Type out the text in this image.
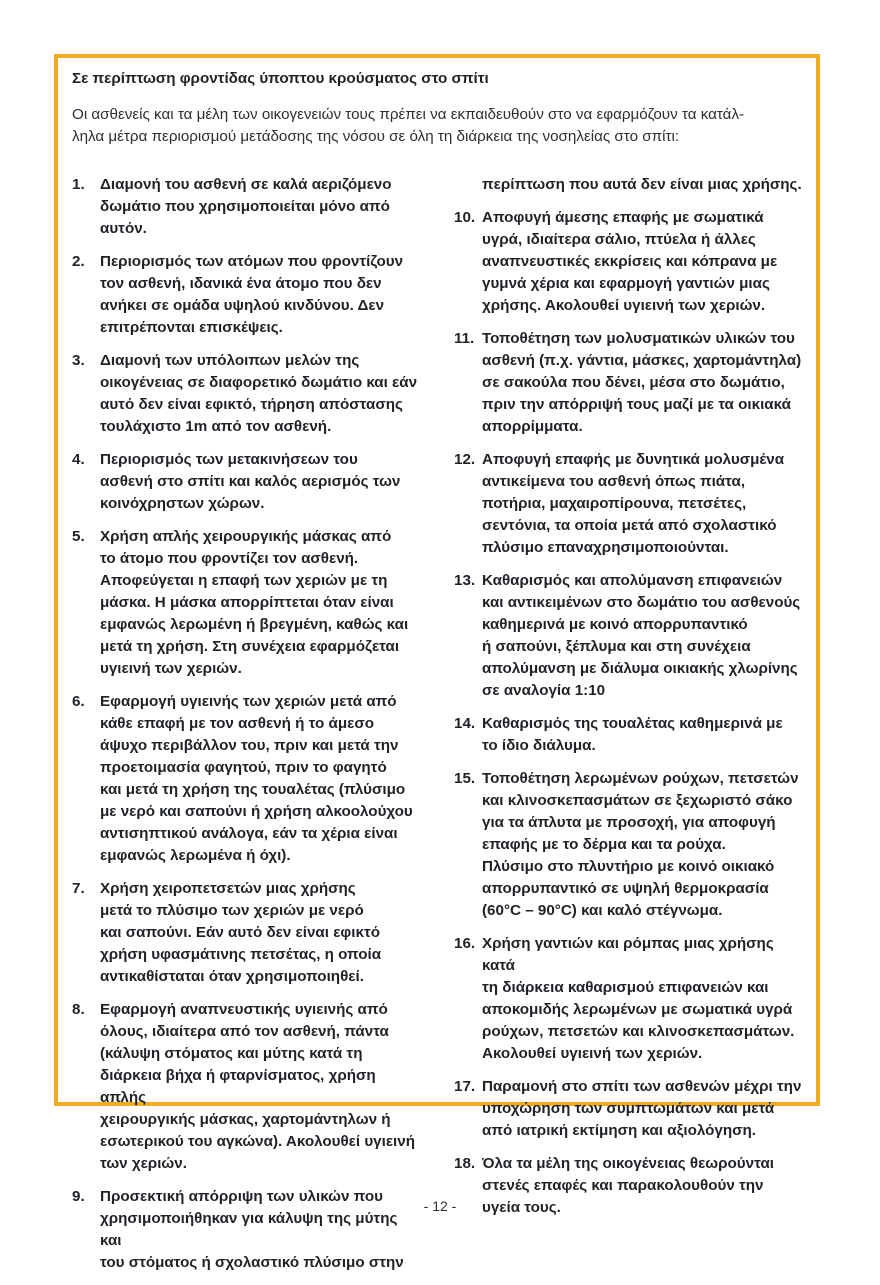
Σε περίπτωση φροντίδας ύποπτου κρούσματος στο σπίτι
Οι ασθενείς και τα μέλη των οικογενειών τους πρέπει να εκπαιδευθούν στο να εφαρμόζουν τα κατάλ-
ληλα μέτρα περιορισμού μετάδοσης της νόσου σε όλη τη διάρκεια της νοσηλείας στο σπίτι:
1.	Διαμονή του ασθενή σε καλά αεριζόμενο
δωμάτιο που χρησιμοποιείται μόνο από
αυτόν.
2.	Περιορισμός των ατόμων που φροντίζουν
τον ασθενή, ιδανικά ένα άτομο που δεν
ανήκει σε ομάδα υψηλού κινδύνου. Δεν
επιτρέπονται επισκέψεις.
3.	Διαμονή των υπόλοιπων μελών της
οικογένειας σε διαφορετικό δωμάτιο και εάν
αυτό δεν είναι εφικτό, τήρηση απόστασης
τουλάχιστο 1m από τον ασθενή.
4.	Περιορισμός των μετακινήσεων του
ασθενή στο σπίτι και καλός αερισμός των
κοινόχρηστων χώρων.
5.	Χρήση απλής χειρουργικής μάσκας από
το άτομο που φροντίζει τον ασθενή.
Αποφεύγεται η επαφή των χεριών με τη
μάσκα. Η μάσκα απορρίπτεται όταν είναι
εμφανώς λερωμένη ή βρεγμένη, καθώς και
μετά τη χρήση. Στη συνέχεια εφαρμόζεται
υγιεινή των χεριών.
6.	Εφαρμογή υγιεινής των χεριών μετά από
κάθε επαφή με τον ασθενή ή το άμεσο
άψυχο περιβάλλον του, πριν και μετά την
προετοιμασία φαγητού, πριν το φαγητό
και μετά τη χρήση της τουαλέτας (πλύσιμο
με νερό και σαπούνι ή χρήση αλκοολούχου
αντισηπτικού ανάλογα, εάν τα χέρια είναι
εμφανώς λερωμένα ή όχι).
7.	Χρήση χειροπετσετών μιας χρήσης
μετά το πλύσιμο των χεριών με νερό
και σαπούνι. Εάν αυτό δεν είναι εφικτό
χρήση υφασμάτινης πετσέτας, η οποία
αντικαθίσταται όταν χρησιμοποιηθεί.
8.	Εφαρμογή αναπνευστικής υγιεινής από
όλους, ιδιαίτερα από τον ασθενή, πάντα
(κάλυψη στόματος και μύτης κατά τη
διάρκεια βήχα ή φταρνίσματος, χρήση απλής
χειρουργικής μάσκας, χαρτομάντηλων ή
εσωτερικού του αγκώνα). Ακολουθεί υγιεινή
των χεριών.
9.	Προσεκτική απόρριψη των υλικών που
χρησιμοποιήθηκαν για κάλυψη της μύτης και
του στόματος ή σχολαστικό πλύσιμο στην
περίπτωση που αυτά δεν είναι μιας χρήσης.
10. Αποφυγή άμεσης επαφής με σωματικά
υγρά, ιδιαίτερα σάλιο, πτύελα ή άλλες
αναπνευστικές εκκρίσεις και κόπρανα με
γυμνά χέρια και εφαρμογή γαντιών μιας
χρήσης. Ακολουθεί υγιεινή των χεριών.
11. Τοποθέτηση των μολυσματικών υλικών του
ασθενή (π.χ. γάντια, μάσκες, χαρτομάντηλα)
σε σακούλα που δένει, μέσα στο δωμάτιο,
πριν την απόρριψή τους μαζί με τα οικιακά
απορρίμματα.
12. Αποφυγή επαφής με δυνητικά μολυσμένα
αντικείμενα του ασθενή όπως πιάτα,
ποτήρια, μαχαιροπίρουνα, πετσέτες,
σεντόνια, τα οποία μετά από σχολαστικό
πλύσιμο επαναχρησιμοποιούνται.
13. Καθαρισμός και απολύμανση επιφανειών
και αντικειμένων στο δωμάτιο του ασθενούς
καθημερινά με κοινό απορρυπαντικό
ή σαπούνι, ξέπλυμα και στη συνέχεια
απολύμανση με διάλυμα οικιακής χλωρίνης
σε αναλογία 1:10
14. Καθαρισμός της τουαλέτας καθημερινά με
το ίδιο διάλυμα.
15. Τοποθέτηση λερωμένων ρούχων, πετσετών
και κλινοσκεπασμάτων σε ξεχωριστό σάκο
για τα άπλυτα με προσοχή, για αποφυγή
επαφής με το δέρμα και τα ρούχα.
Πλύσιμο στο πλυντήριο με κοινό οικιακό
απορρυπαντικό σε υψηλή θερμοκρασία
(60°C – 90°C) και καλό στέγνωμα.
16. Χρήση γαντιών και ρόμπας μιας χρήσης κατά
τη διάρκεια καθαρισμού επιφανειών και
αποκομιδής λερωμένων με σωματικά υγρά
ρούχων, πετσετών και κλινοσκεπασμάτων.
Ακολουθεί υγιεινή των χεριών.
17. Παραμονή στο σπίτι των ασθενών μέχρι την
υποχώρηση των συμπτωμάτων και μετά
από ιατρική εκτίμηση και αξιολόγηση.
18. Όλα τα μέλη της οικογένειας θεωρούνται
στενές επαφές και παρακολουθούν την
υγεία τους.
- 12 -
